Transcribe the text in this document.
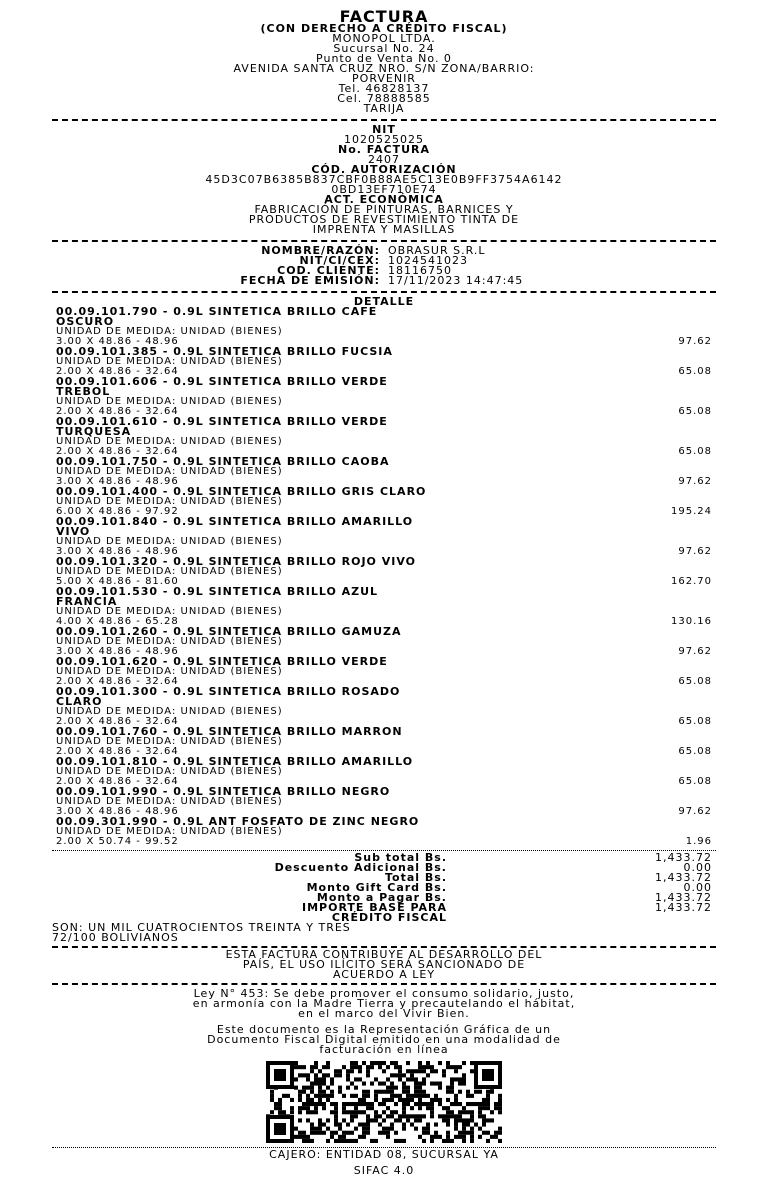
FACTURA
(CON DERECHO A CRÉDITO FISCAL)
MONOPOL LTDA.
Sucursal No. 24
Punto de Venta No. 0
AVENIDA SANTA CRUZ NRO. S/N ZONA/BARRIO:
PORVENIR
Tel. 46828137
Cel. 78888585
TARIJA
NIT
1020525025
No. FACTURA
2407
CÓD. AUTORIZACIÓN
45D3C07B6385B837CBF0B88AE5C13E0B9FF3754A6142
0BD13EF710E74
ACT. ECONÓMICA
FABRICACIÓN DE PINTURAS, BARNICES Y
PRODUCTOS DE REVESTIMIENTO TINTA DE
IMPRENTA Y MASILLAS
NOMBRE/RAZÓN: OBRASUR S.R.L
NIT/CI/CEX: 1024541023
COD. CLIENTE: 18116750
FECHA DE EMISIÓN: 17/11/2023 14:47:45
DETALLE
00.09.101.790 - 0.9L SINTETICA BRILLO CAFE
OSCURO
UNIDAD DE MEDIDA: UNIDAD (BIENES)
3.00 X 48.86 - 48.96	97.62
00.09.101.385 - 0.9L SINTETICA BRILLO FUCSIA
UNIDAD DE MEDIDA: UNIDAD (BIENES)
2.00 X 48.86 - 32.64	65.08
00.09.101.606 - 0.9L SINTETICA BRILLO VERDE
TREBOL
UNIDAD DE MEDIDA: UNIDAD (BIENES)
2.00 X 48.86 - 32.64	65.08
00.09.101.610 - 0.9L SINTETICA BRILLO VERDE
TURQUESA
UNIDAD DE MEDIDA: UNIDAD (BIENES)
2.00 X 48.86 - 32.64	65.08
00.09.101.750 - 0.9L SINTETICA BRILLO CAOBA
UNIDAD DE MEDIDA: UNIDAD (BIENES)
3.00 X 48.86 - 48.96	97.62
00.09.101.400 - 0.9L SINTETICA BRILLO GRIS CLARO
UNIDAD DE MEDIDA: UNIDAD (BIENES)
6.00 X 48.86 - 97.92	195.24
00.09.101.840 - 0.9L SINTETICA BRILLO AMARILLO
VIVO
UNIDAD DE MEDIDA: UNIDAD (BIENES)
3.00 X 48.86 - 48.96	97.62
00.09.101.320 - 0.9L SINTETICA BRILLO ROJO VIVO
UNIDAD DE MEDIDA: UNIDAD (BIENES)
5.00 X 48.86 - 81.60	162.70
00.09.101.530 - 0.9L SINTETICA BRILLO AZUL
FRANCIA
UNIDAD DE MEDIDA: UNIDAD (BIENES)
4.00 X 48.86 - 65.28	130.16
00.09.101.260 - 0.9L SINTETICA BRILLO GAMUZA
UNIDAD DE MEDIDA: UNIDAD (BIENES)
3.00 X 48.86 - 48.96	97.62
00.09.101.620 - 0.9L SINTETICA BRILLO VERDE
UNIDAD DE MEDIDA: UNIDAD (BIENES)
2.00 X 48.86 - 32.64	65.08
00.09.101.300 - 0.9L SINTETICA BRILLO ROSADO
CLARO
UNIDAD DE MEDIDA: UNIDAD (BIENES)
2.00 X 48.86 - 32.64	65.08
00.09.101.760 - 0.9L SINTETICA BRILLO MARRON
UNIDAD DE MEDIDA: UNIDAD (BIENES)
2.00 X 48.86 - 32.64	65.08
00.09.101.810 - 0.9L SINTETICA BRILLO AMARILLO
UNIDAD DE MEDIDA: UNIDAD (BIENES)
2.00 X 48.86 - 32.64	65.08
00.09.101.990 - 0.9L SINTETICA BRILLO NEGRO
UNIDAD DE MEDIDA: UNIDAD (BIENES)
3.00 X 48.86 - 48.96	97.62
00.09.301.990 - 0.9L ANT FOSFATO DE ZINC NEGRO
UNIDAD DE MEDIDA: UNIDAD (BIENES)
2.00 X 50.74 - 99.52	1.96
Sub total Bs.	1,433.72
Descuento Adicional Bs.	0.00
Total Bs.	1,433.72
Monto Gift Card Bs.	0.00
Monto a Pagar Bs.	1,433.72
IMPORTE BASE PARA	1,433.72
CRÉDITO FISCAL
SON: UN MIL CUATROCIENTOS TREINTA Y TRES
72/100 BOLIVIANOS
ESTA FACTURA CONTRIBUYE AL DESARROLLO DEL
PAÍS, EL USO ILÍCITO SERÁ SANCIONADO DE
ACUERDO A LEY
Ley N° 453: Se debe promover el consumo solidario, justo,
en armonía con la Madre Tierra y precautelando el hábitat,
en el marco del Vivir Bien.
Este documento es la Representación Gráfica de un
Documento Fiscal Digital emitido en una modalidad de
facturación en línea
CAJERO: ENTIDAD 08, SUCURSAL YA
SIFAC 4.0
